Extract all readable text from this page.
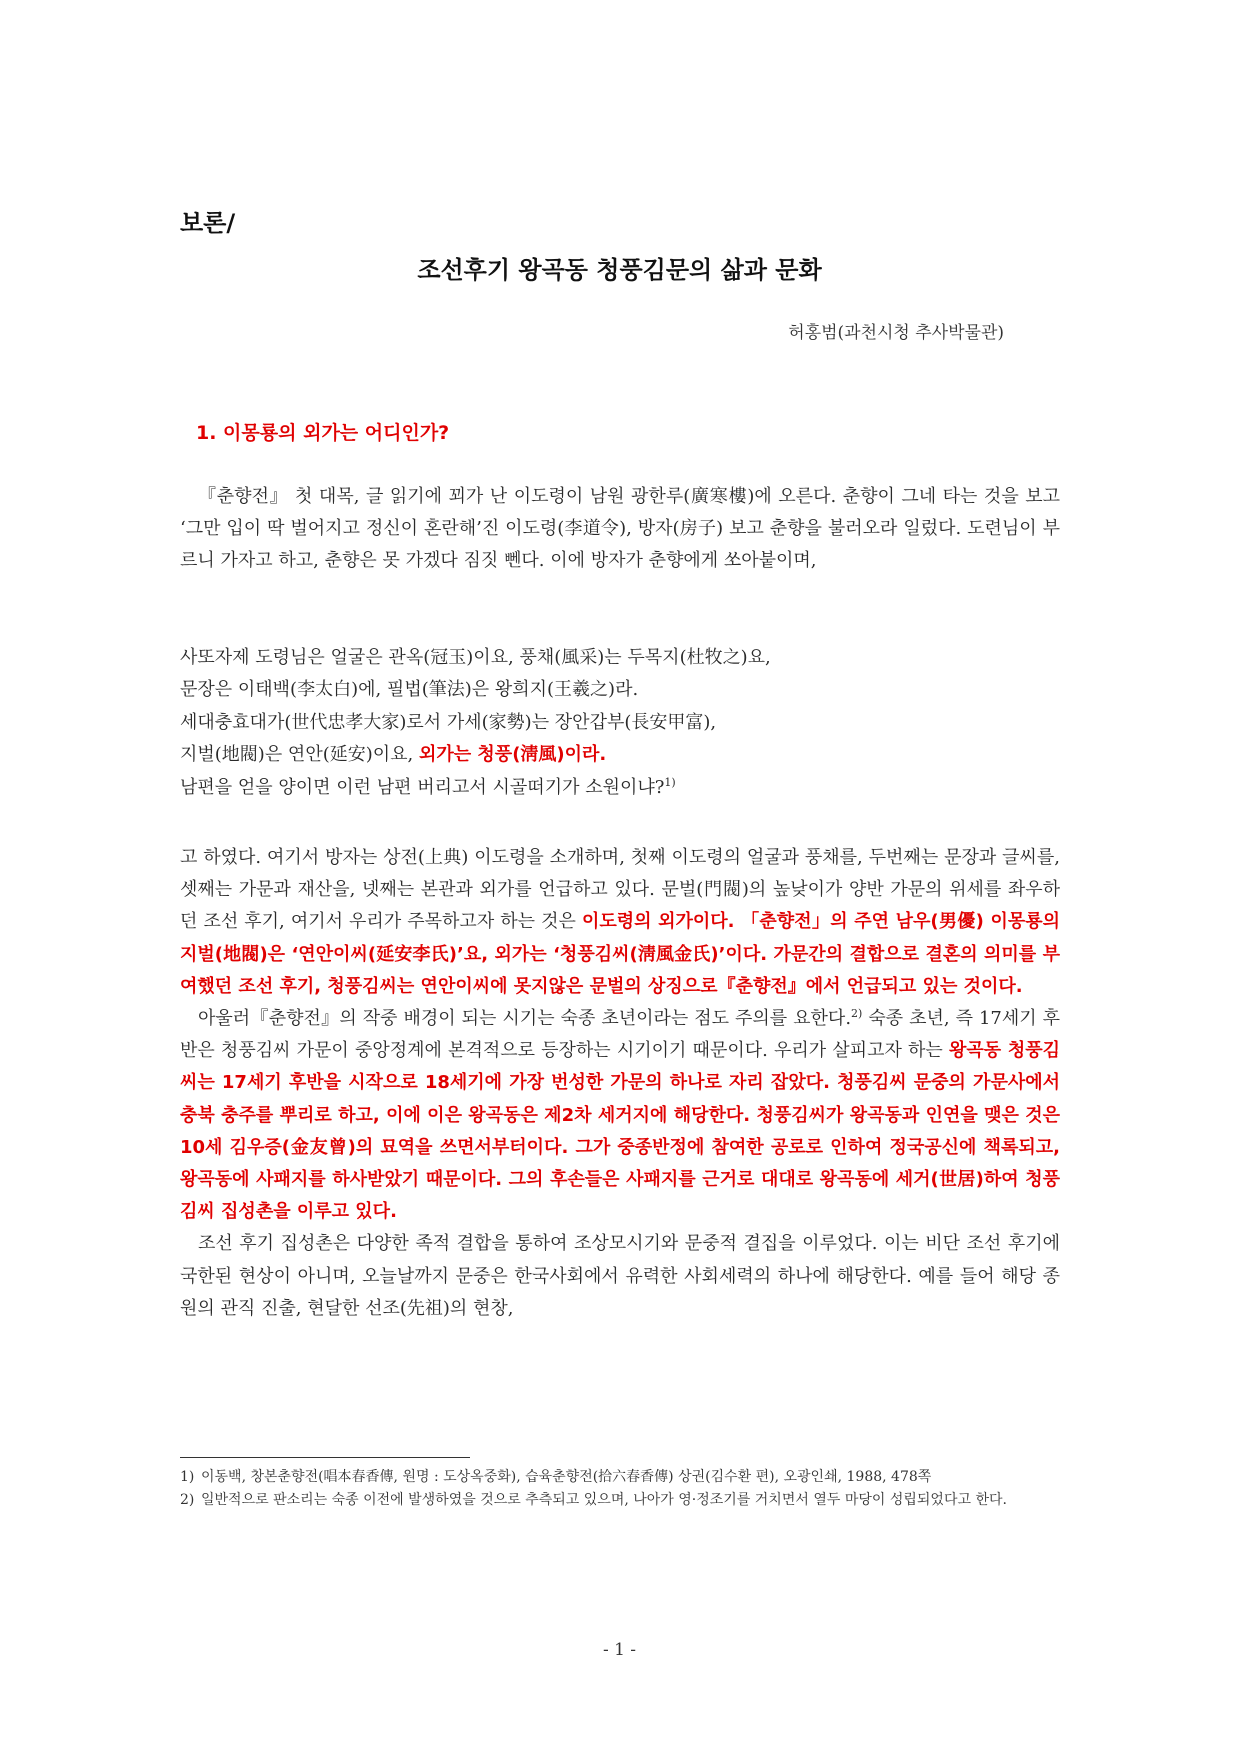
보론/
조선후기 왕곡동 청풍김문의 삶과 문화
허홍범(과천시청 추사박물관)
1. 이몽룡의 외가는 어디인가?

『춘향전』 첫 대목, 글 읽기에 꾀가 난 이도령이 남원 광한루(廣寒樓)에 오른다. 춘향이 그네 타는 것을 보고 ‘그만 입이 딱 벌어지고 정신이 혼란해’진 이도령(李道令), 방자(房子) 보고 춘향을 불러오라 일렀다. 도련님이 부르니 가자고 하고, 춘향은 못 가겠다 짐짓 뻰다. 이에 방자가 춘향에게 쏘아붙이며,

사또자제 도령님은 얼굴은 관옥(冠玉)이요, 풍채(風采)는 두목지(杜牧之)요,
문장은 이태백(李太白)에, 필법(筆法)은 왕희지(王羲之)라.
세대충효대가(世代忠孝大家)로서 가세(家勢)는 장안갑부(長安甲富),
지벌(地閥)은 연안(延安)이요, 외가는 청풍(淸風)이라.
남편을 얻을 양이면 이런 남편 버리고서 시골떠기가 소원이냐?$^{1)}$

고 하였다. 여기서 방자는 상전(上典) 이도령을 소개하며, 첫째 이도령의 얼굴과 풍채를, 두번째는 문장과 글씨를, 셋째는 가문과 재산을, 넷째는 본관과 외가를 언급하고 있다. 문벌(門閥)의 높낮이가 양반 가문의 위세를 좌우하던 조선 후기, 여기서 우리가 주목하고자 하는 것은 이도령의 외가이다. 「춘향전」의 주연 남우(男優) 이몽룡의 지벌(地閥)은 ‘연안이씨(延安李氏)’요, 외가는 ‘청풍김씨(淸風金氏)’이다. 가문간의 결합으로 결혼의 의미를 부여했던 조선 후기, 청풍김씨는 연안이씨에 못지않은 문벌의 상징으로『춘향전』에서 언급되고 있는 것이다.

아울러『춘향전』의 작중 배경이 되는 시기는 숙종 초년이라는 점도 주의를 요한다.$^{2)}$ 숙종 초년, 즉 17세기 후반은 청풍김씨 가문이 중앙정계에 본격적으로 등장하는 시기이기 때문이다. 우리가 살피고자 하는 왕곡동 청풍김씨는 17세기 후반을 시작으로 18세기에 가장 번성한 가문의 하나로 자리 잡았다. 청풍김씨 문중의 가문사에서 충북 충주를 뿌리로 하고, 이에 이은 왕곡동은 제2차 세거지에 해당한다. 청풍김씨가 왕곡동과 인연을 맺은 것은 10세 김우증(金友曾)의 묘역을 쓰면서부터이다. 그가 중종반정에 참여한 공로로 인하여 정국공신에 책록되고, 왕곡동에 사패지를 하사받았기 때문이다. 그의 후손들은 사패지를 근거로 대대로 왕곡동에 세거(世居)하여 청풍김씨 집성촌을 이루고 있다.

조선 후기 집성촌은 다양한 족적 결합을 통하여 조상모시기와 문중적 결집을 이루었다. 이는 비단 조선 후기에 국한된 현상이 아니며, 오늘날까지 문중은 한국사회에서 유력한 사회세력의 하나에 해당한다. 예를 들어 해당 종원의 관직 진출, 현달한 선조(先祖)의 현창,

1) 이동백, 창본춘향전(唱本春香傳, 원명 : 도상옥중화), 습육춘향전(拾六春香傳) 상권(김수환 편), 오광인쇄, 1988, 478쪽
2) 일반적으로 판소리는 숙종 이전에 발생하였을 것으로 추측되고 있으며, 나아가 영·정조기를 거치면서 열두 마당이 성립되었다고 한다.
- 1 -
